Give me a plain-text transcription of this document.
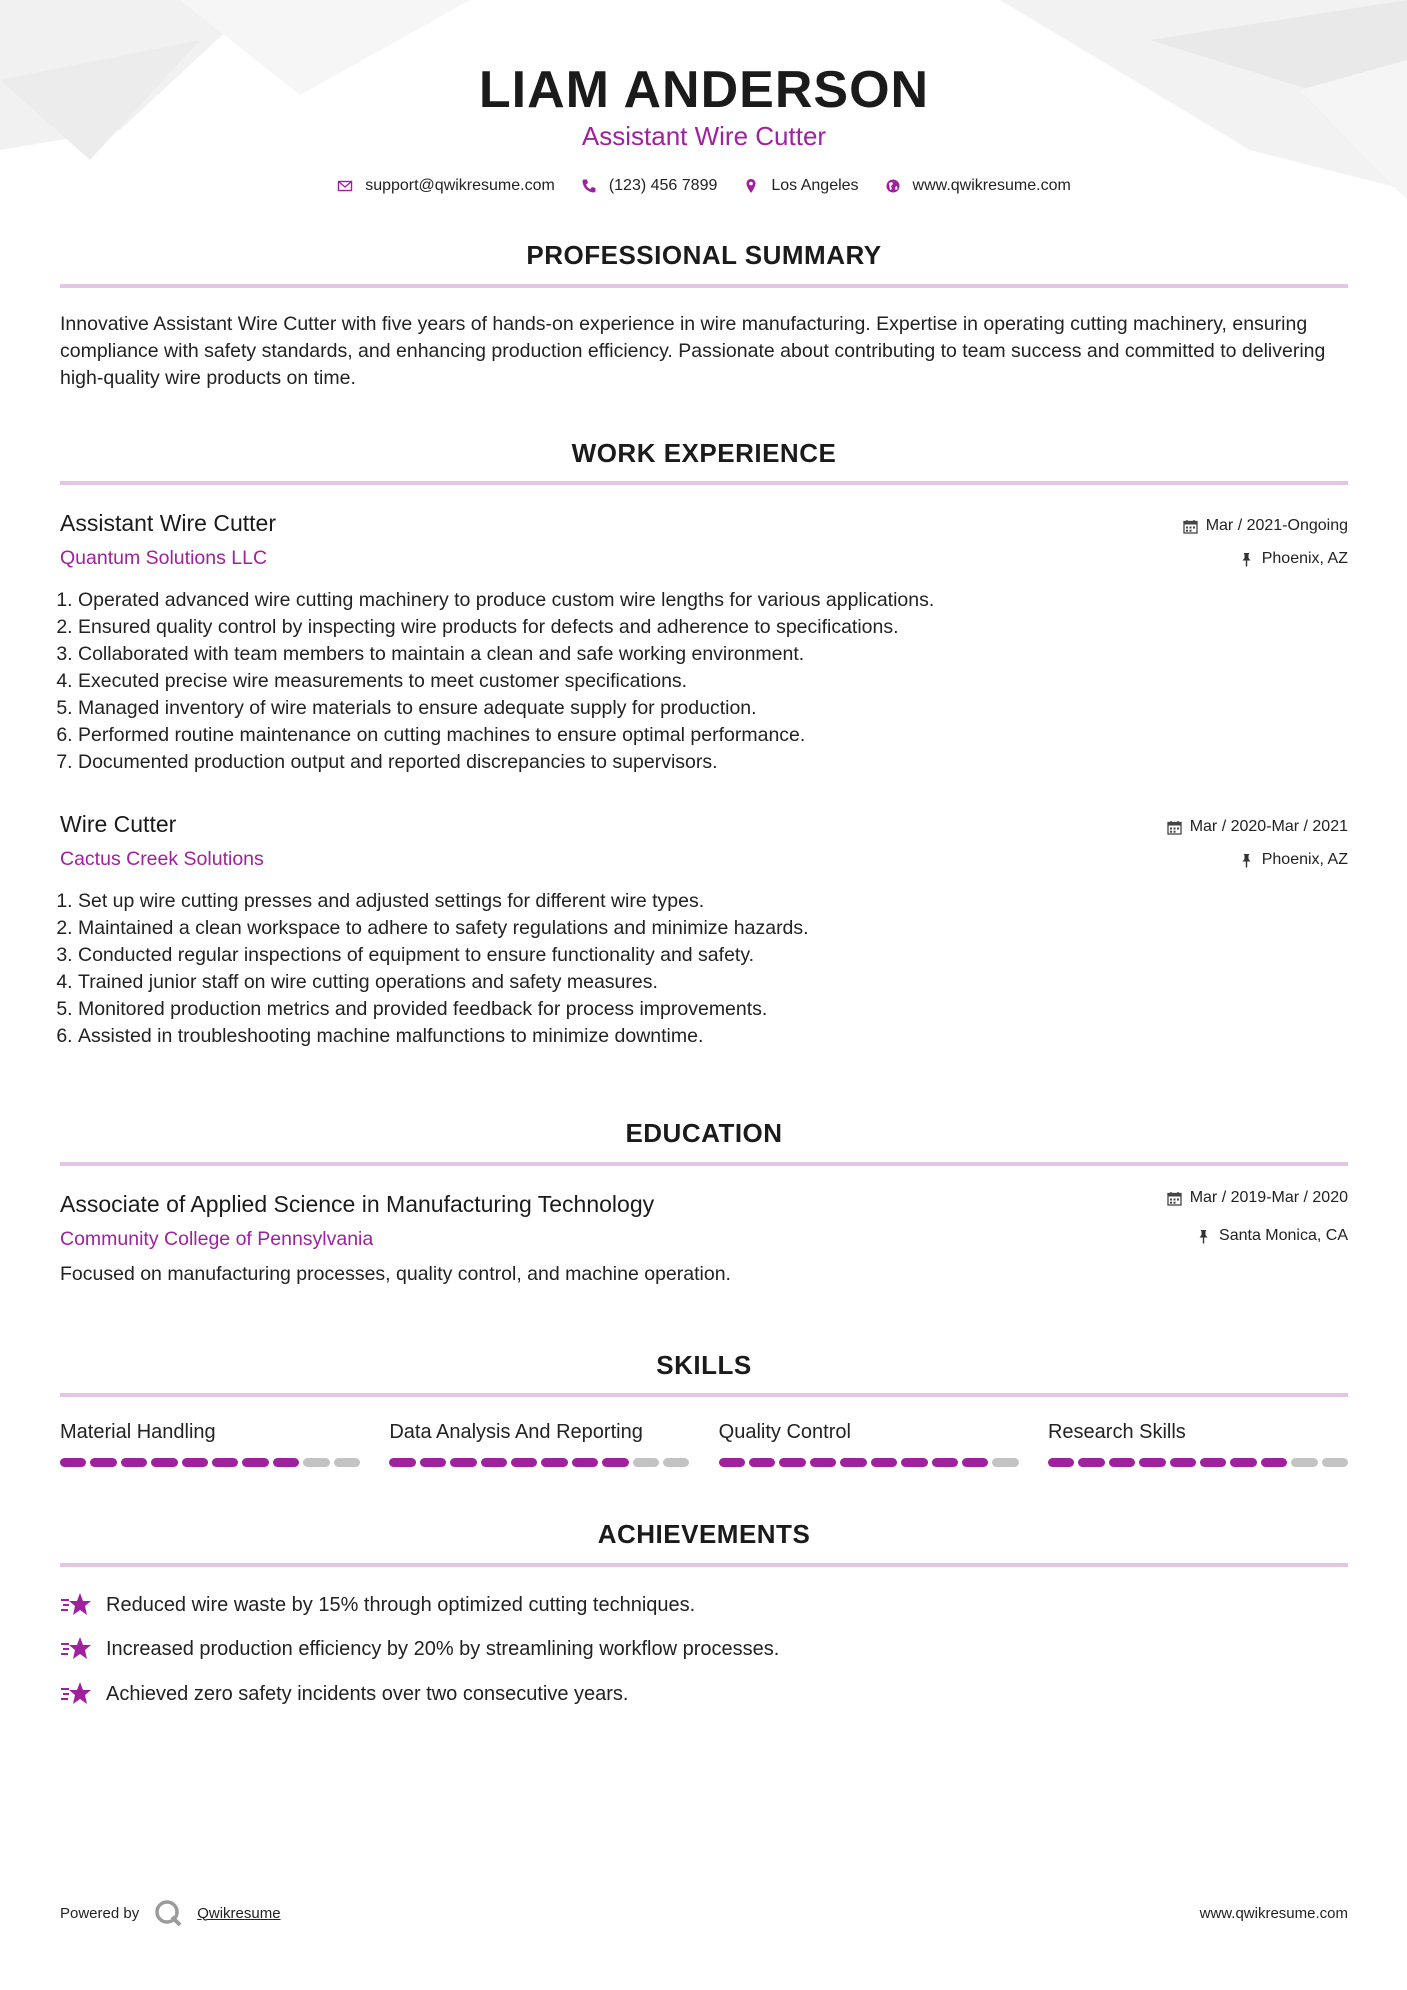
LIAM ANDERSON
Assistant Wire Cutter
support@qwikresume.com	(123) 456 7899	Los Angeles	www.qwikresume.com
PROFESSIONAL SUMMARY
Innovative Assistant Wire Cutter with five years of hands-on experience in wire manufacturing. Expertise in operating cutting machinery, ensuring compliance with safety standards, and enhancing production efficiency. Passionate about contributing to team success and committed to delivering high-quality wire products on time.
WORK EXPERIENCE
Assistant Wire Cutter
Quantum Solutions LLC
Mar / 2021-Ongoing
Phoenix, AZ
1. Operated advanced wire cutting machinery to produce custom wire lengths for various applications.
2. Ensured quality control by inspecting wire products for defects and adherence to specifications.
3. Collaborated with team members to maintain a clean and safe working environment.
4. Executed precise wire measurements to meet customer specifications.
5. Managed inventory of wire materials to ensure adequate supply for production.
6. Performed routine maintenance on cutting machines to ensure optimal performance.
7. Documented production output and reported discrepancies to supervisors.
Wire Cutter
Cactus Creek Solutions
Mar / 2020-Mar / 2021
Phoenix, AZ
1. Set up wire cutting presses and adjusted settings for different wire types.
2. Maintained a clean workspace to adhere to safety regulations and minimize hazards.
3. Conducted regular inspections of equipment to ensure functionality and safety.
4. Trained junior staff on wire cutting operations and safety measures.
5. Monitored production metrics and provided feedback for process improvements.
6. Assisted in troubleshooting machine malfunctions to minimize downtime.
EDUCATION
Associate of Applied Science in Manufacturing Technology
Community College of Pennsylvania
Mar / 2019-Mar / 2020
Santa Monica, CA
Focused on manufacturing processes, quality control, and machine operation.
SKILLS
Material Handling	Data Analysis And Reporting	Quality Control	Research Skills
ACHIEVEMENTS
Reduced wire waste by 15% through optimized cutting techniques.
Increased production efficiency by 20% by streamlining workflow processes.
Achieved zero safety incidents over two consecutive years.
Powered by	Qwikresume	www.qwikresume.com
